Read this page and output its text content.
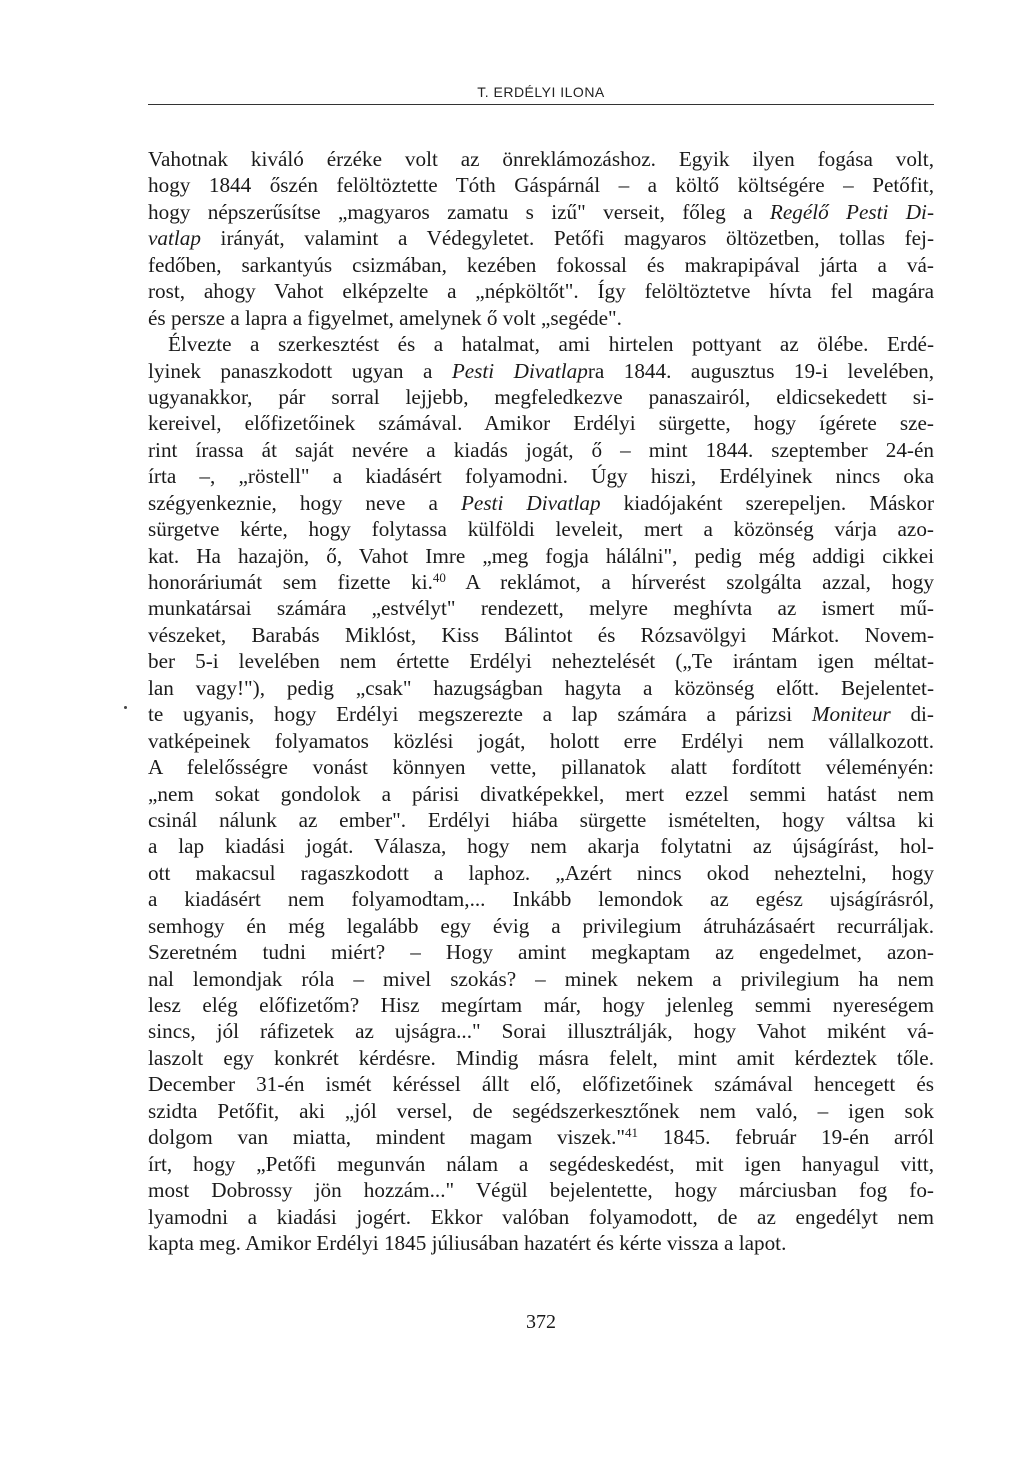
T. ERDÉLYI ILONA
Vahotnak kiváló érzéke volt az önreklámozáshoz. Egyik ilyen fogása volt,
hogy 1844 őszén felöltöztette Tóth Gáspárnál – a költő költségére – Petőfit,
hogy népszerűsítse „magyaros zamatu s izű" verseit, főleg a Regélő Pesti Di-
vatlap irányát, valamint a Védegyletet. Petőfi magyaros öltözetben, tollas fej-
fedőben, sarkantyús csizmában, kezében fokossal és makrapipával járta a vá-
rost, ahogy Vahot elképzelte a „népköltőt". Így felöltöztetve hívta fel magára
és persze a lapra a figyelmet, amelynek ő volt „segéde".
Élvezte a szerkesztést és a hatalmat, ami hirtelen pottyant az ölébe. Erdé-
lyinek panaszkodott ugyan a Pesti Divatlapra 1844. augusztus 19-i levelében,
ugyanakkor, pár sorral lejjebb, megfeledkezve panaszairól, eldicsekedett si-
kereivel, előfizetőinek számával. Amikor Erdélyi sürgette, hogy ígérete sze-
rint írassa át saját nevére a kiadás jogát, ő – mint 1844. szeptember 24-én
írta –, „röstell" a kiadásért folyamodni. Úgy hiszi, Erdélyinek nincs oka
szégyenkeznie, hogy neve a Pesti Divatlap kiadójaként szerepeljen. Máskor
sürgetve kérte, hogy folytassa külföldi leveleit, mert a közönség várja azo-
kat. Ha hazajön, ő, Vahot Imre „meg fogja hálálni", pedig még addigi cikkei
honoráriumát sem fizette ki.$^{40}$ A reklámot, a hírverést szolgálta azzal, hogy
munkatársai számára „estvélyt" rendezett, melyre meghívta az ismert mű-
vészeket, Barabás Miklóst, Kiss Bálintot és Rózsavölgyi Márkot. Novem-
ber 5-i levelében nem értette Erdélyi neheztelését („Te irántam igen méltat-
lan vagy!"), pedig „csak" hazugságban hagyta a közönség előtt. Bejelentet-
te ugyanis, hogy Erdélyi megszerezte a lap számára a párizsi Moniteur di-
vatképeinek folyamatos közlési jogát, holott erre Erdélyi nem vállalkozott.
A felelősségre vonást könnyen vette, pillanatok alatt fordított véleményén:
„nem sokat gondolok a párisi divatképekkel, mert ezzel semmi hatást nem
csinál nálunk az ember". Erdélyi hiába sürgette ismételten, hogy váltsa ki
a lap kiadási jogát. Válasza, hogy nem akarja folytatni az újságírást, hol-
ott makacsul ragaszkodott a laphoz. „Azért nincs okod neheztelni, hogy
a kiadásért nem folyamodtam,... Inkább lemondok az egész ujságírásról,
semhogy én még legalább egy évig a privilegium átruházásaért recurráljak.
Szeretném tudni miért? – Hogy amint megkaptam az engedelmet, azon-
nal lemondjak róla – mivel szokás? – minek nekem a privilegium ha nem
lesz elég előfizetőm? Hisz megírtam már, hogy jelenleg semmi nyereségem
sincs, jól ráfizetek az ujságra..." Sorai illusztrálják, hogy Vahot miként vá-
laszolt egy konkrét kérdésre. Mindig másra felelt, mint amit kérdeztek tőle.
December 31-én ismét kéréssel állt elő, előfizetőinek számával hencegett és
szidta Petőfit, aki „jól versel, de segédszerkesztőnek nem való, – igen sok
dolgom van miatta, mindent magam viszek."$^{41}$ 1845. február 19-én arról
írt, hogy „Petőfi megunván nálam a segédeskedést, mit igen hanyagul vitt,
most Dobrossy jön hozzám..." Végül bejelentette, hogy márciusban fog fo-
lyamodni a kiadási jogért. Ekkor valóban folyamodott, de az engedélyt nem
kapta meg. Amikor Erdélyi 1845 júliusában hazatért és kérte vissza a lapot.
372
